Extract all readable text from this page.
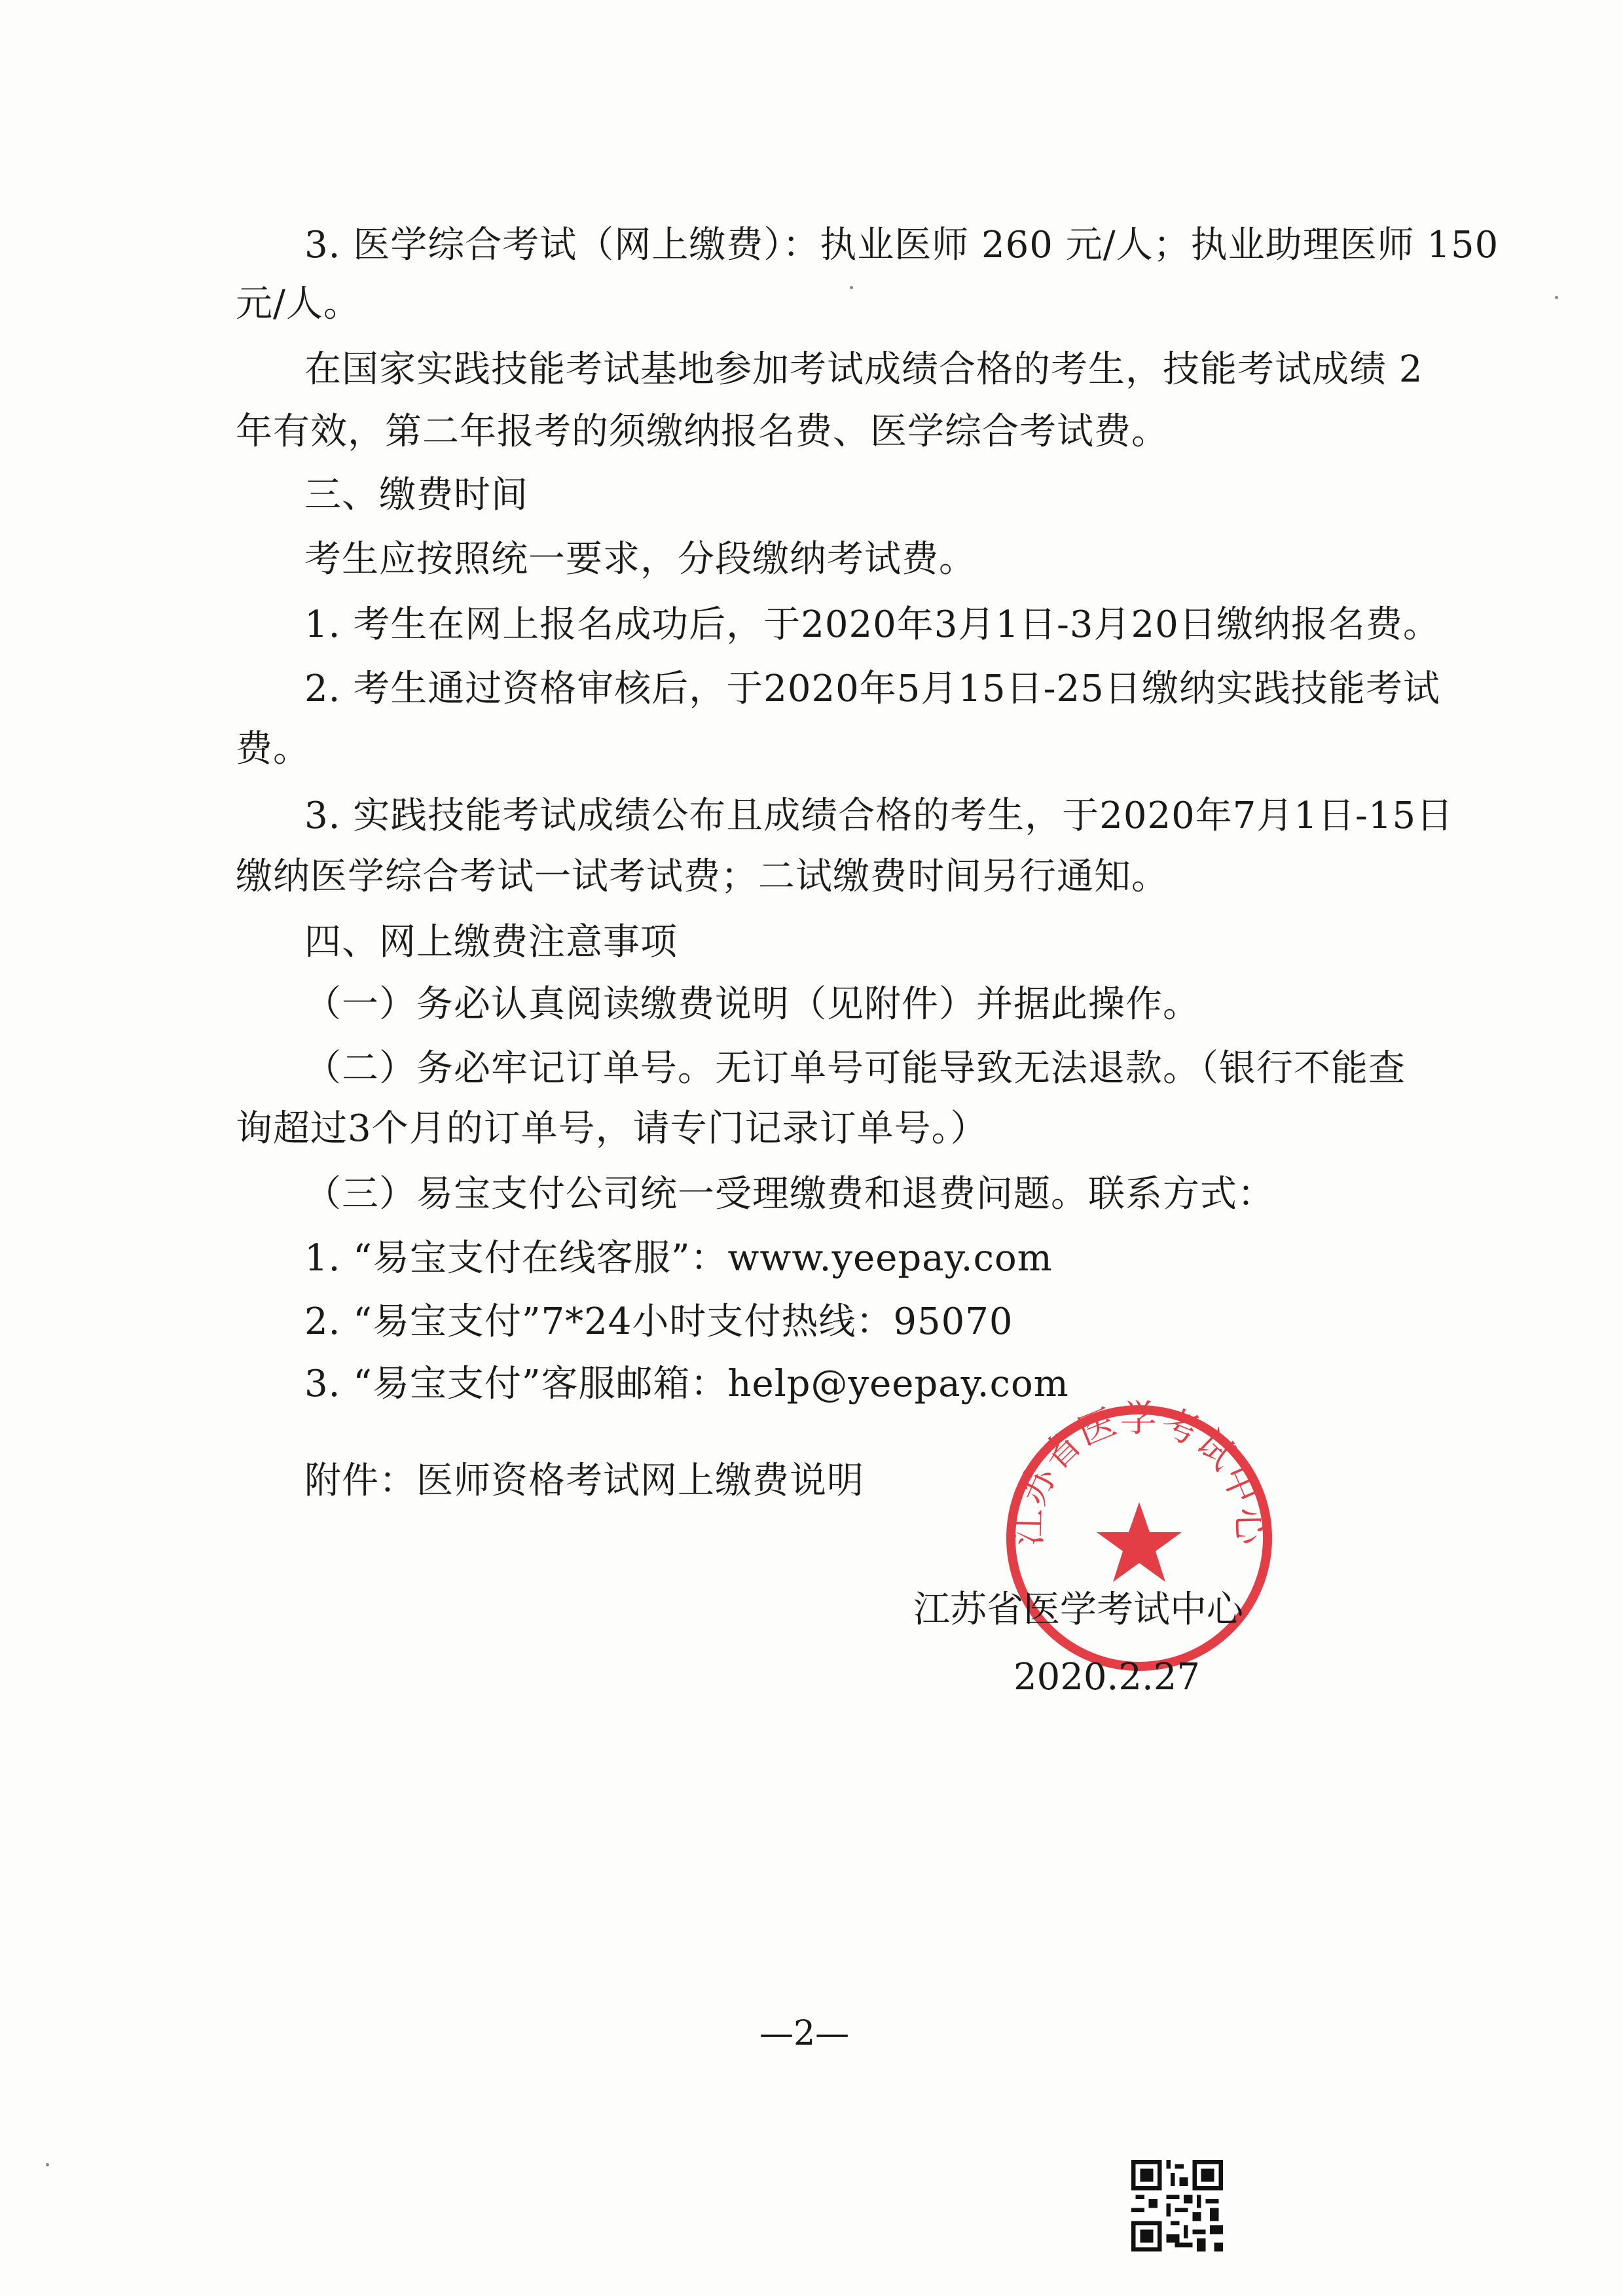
3. 医学综合考试（网上缴费）：执业医师 260 元/人；执业助理医师 150
元/人。
在国家实践技能考试基地参加考试成绩合格的考生，技能考试成绩 2
年有效，第二年报考的须缴纳报名费、医学综合考试费。
三、缴费时间
考生应按照统一要求，分段缴纳考试费。
1. 考生在网上报名成功后，于2020年3月1日-3月20日缴纳报名费。
2. 考生通过资格审核后，于2020年5月15日-25日缴纳实践技能考试
费。
3. 实践技能考试成绩公布且成绩合格的考生，于2020年7月1日-15日
缴纳医学综合考试一试考试费；二试缴费时间另行通知。
四、网上缴费注意事项
（一）务必认真阅读缴费说明（见附件）并据此操作。
（二）务必牢记订单号。无订单号可能导致无法退款。（银行不能查
询超过3个月的订单号，请专门记录订单号。）
（三）易宝支付公司统一受理缴费和退费问题。联系方式：
1. “易宝支付在线客服”：www.yeepay.com
2. “易宝支付”7*24小时支付热线：95070
3. “易宝支付”客服邮箱：help@yeepay.com
附件：医师资格考试网上缴费说明
江苏省医学考试中心
江苏省医学考试中心
2020.2.27
—2—
